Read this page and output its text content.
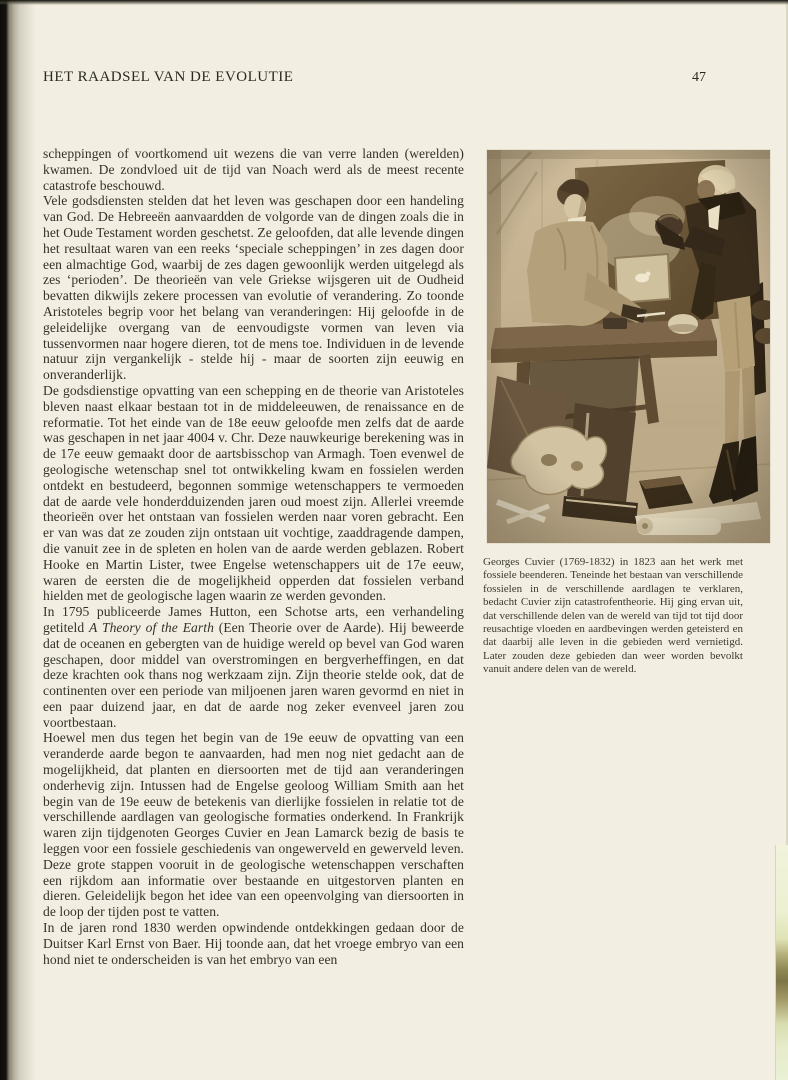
HET RAADSEL VAN DE EVOLUTIE	47

scheppingen of voortkomend uit wezens die van verre landen (werelden) kwamen. De zondvloed uit de tijd van Noach werd als de meest recente catastrofe beschouwd.

Vele godsdiensten stelden dat het leven was geschapen door een handeling van God. De Hebreeën aanvaardden de volgorde van de dingen zoals die in het Oude Testament worden geschetst. Ze geloofden, dat alle levende dingen het resultaat waren van een reeks ‘speciale scheppingen’ in zes dagen door een almachtige God, waarbij de zes dagen gewoonlijk werden uitgelegd als zes ‘perioden’. De theorieën van vele Griekse wijsgeren uit de Oudheid bevatten dikwijls zekere processen van evolutie of verandering. Zo toonde Aristoteles begrip voor het belang van veranderingen: Hij geloofde in de geleidelijke overgang van de eenvoudigste vormen van leven via tussenvormen naar hogere dieren, tot de mens toe. Individuen in de levende natuur zijn vergankelijk - stelde hij - maar de soorten zijn eeuwig en onveranderlijk.

De godsdienstige opvatting van een schepping en de theorie van Aristoteles bleven naast elkaar bestaan tot in de middeleeuwen, de renaissance en de reformatie. Tot het einde van de 18e eeuw geloofde men zelfs dat de aarde was geschapen in net jaar 4004 v. Chr. Deze nauwkeurige berekening was in de 17e eeuw gemaakt door de aartsbisschop van Armagh. Toen evenwel de geologische wetenschap snel tot ontwikkeling kwam en fossielen werden ontdekt en bestudeerd, begonnen sommige wetenschappers te vermoeden dat de aarde vele honderdduizenden jaren oud moest zijn. Allerlei vreemde theorieën over het ontstaan van fossielen werden naar voren gebracht. Een er van was dat ze zouden zijn ontstaan uit vochtige, zaaddragende dampen, die vanuit zee in de spleten en holen van de aarde werden geblazen. Robert Hooke en Martin Lister, twee Engelse wetenschappers uit de 17e eeuw, waren de eersten die de mogelijkheid opperden dat fossielen verband hielden met de geologische lagen waarin ze werden gevonden.

In 1795 publiceerde James Hutton, een Schotse arts, een verhandeling getiteld A Theory of the Earth (Een Theorie over de Aarde). Hij beweerde dat de oceanen en gebergten van de huidige wereld op bevel van God waren geschapen, door middel van overstromingen en bergverheffingen, en dat deze krachten ook thans nog werkzaam zijn. Zijn theorie stelde ook, dat de continenten over een periode van miljoenen jaren waren gevormd en niet in een paar duizend jaar, en dat de aarde nog zeker evenveel jaren zou voortbestaan.

Hoewel men dus tegen het begin van de 19e eeuw de opvatting van een veranderde aarde begon te aanvaarden, had men nog niet gedacht aan de mogelijkheid, dat planten en diersoorten met de tijd aan veranderingen onderhevig zijn. Intussen had de Engelse geoloog William Smith aan het begin van de 19e eeuw de betekenis van dierlijke fossielen in relatie tot de verschillende aardlagen van geologische formaties onderkend. In Frankrijk waren zijn tijdgenoten Georges Cuvier en Jean Lamarck bezig de basis te leggen voor een fossiele geschiedenis van ongewerveld en gewerveld leven. Deze grote stappen vooruit in de geologische wetenschappen verschaften een rijkdom aan informatie over bestaande en uitgestorven planten en dieren. Geleidelijk begon het idee van een opeenvolging van diersoorten in de loop der tijden post te vatten.

In de jaren rond 1830 werden opwindende ontdekkingen gedaan door de Duitser Karl Ernst von Baer. Hij toonde aan, dat het vroege embryo van een hond niet te onderscheiden is van het embryo van een

Georges Cuvier (1769-1832) in 1823 aan het werk met fossiele beenderen. Teneinde het bestaan van verschillende fossielen in de verschillende aardlagen te verklaren, bedacht Cuvier zijn catastrofentheorie. Hij ging ervan uit, dat verschillende delen van de wereld van tijd tot tijd door reusachtige vloeden en aardbevingen werden geteisterd en dat daarbij alle leven in die gebieden werd vernietigd. Later zouden deze gebieden dan weer worden bevolkt vanuit andere delen van de wereld.
